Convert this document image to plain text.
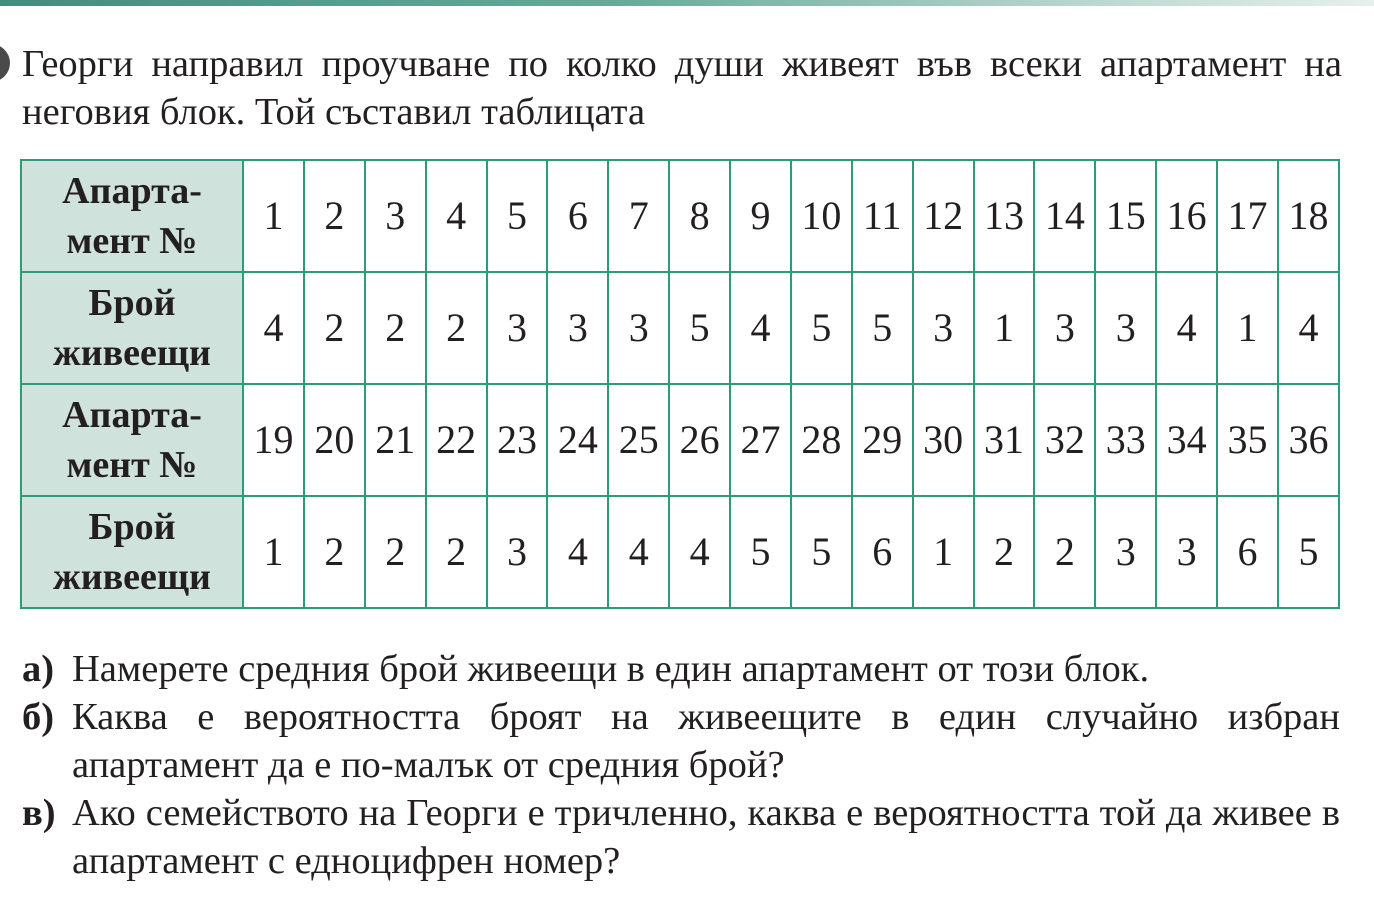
Георги направил проучване по колко души живеят във всеки апартамент на неговия блок. Той съставил таблицата
Апарта-
мент №	1	2	3	4	5	6	7	8	9	10	11	12	13	14	15	16	17	18
Брой
живеещи	4	2	2	2	3	3	3	5	4	5	5	3	1	3	3	4	1	4
Апарта-
мент №	19	20	21	22	23	24	25	26	27	28	29	30	31	32	33	34	35	36
Брой
живеещи	1	2	2	2	3	4	4	4	5	5	6	1	2	2	3	3	6	5
а) Намерете средния брой живеещи в един апартамент от този блок.
б) Каква е вероятността броят на живеещите в един случайно избран апартамент да е по-малък от средния брой?
в) Ако семейството на Георги е тричленно, каква е вероятността той да живее в апартамент с едноцифрен номер?
